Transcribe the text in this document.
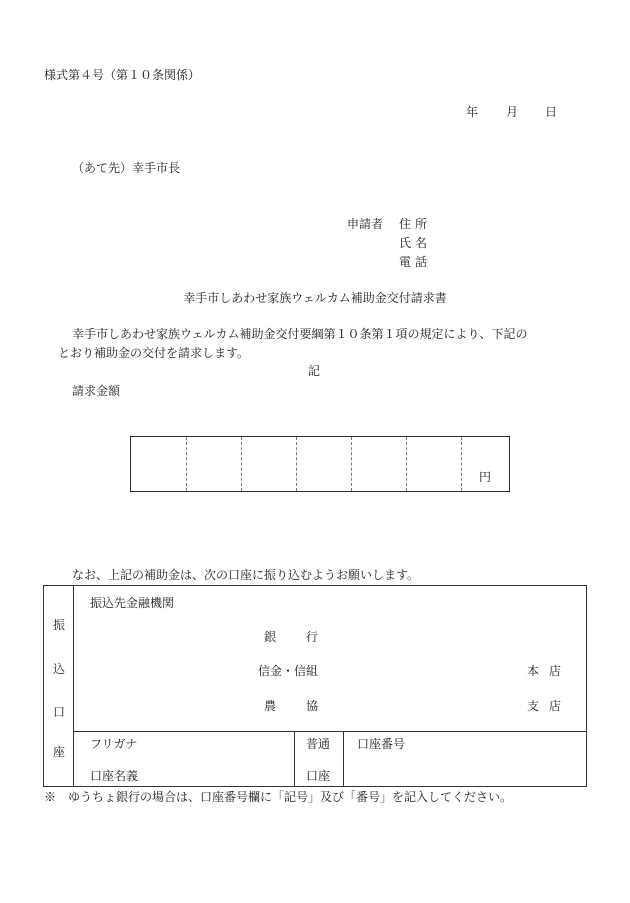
様式第４号（第１０条関係）
年 月 日
（あて先）幸手市長
申請者 住所
氏名
電話
幸手市しあわせ家族ウェルカム補助金交付請求書
幸手市しあわせ家族ウェルカム補助金交付要綱第１０条第１項の規定により、下記の
とおり補助金の交付を請求します。
記
請求金額
円
なお、上記の補助金は、次の口座に振り込むようお願いします。
振
込
口
座
振込先金融機関
銀行
信金・信組
農協
本店
支店
フリガナ
口座名義
普通
口座
口座番号
※　ゆうちょ銀行の場合は、口座番号欄に「記号」及び「番号」を記入してください。
